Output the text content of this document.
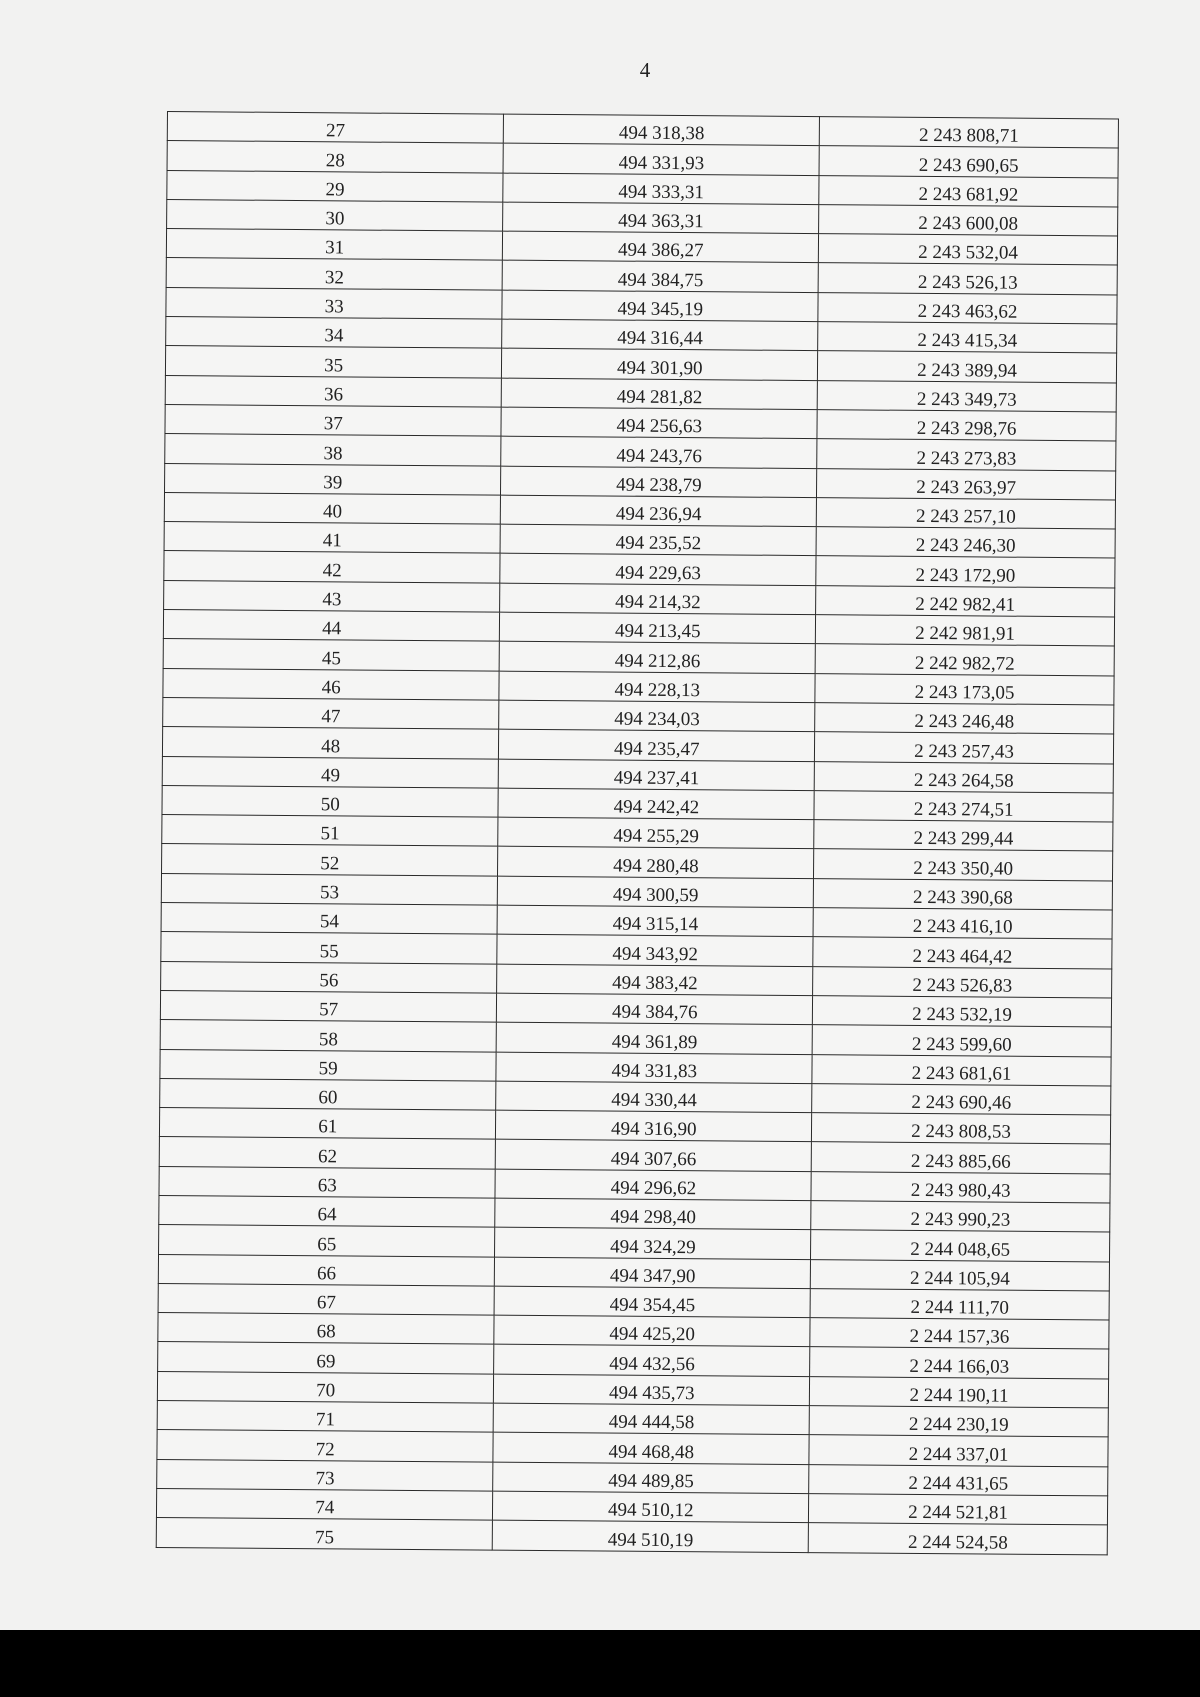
4
27	494 318,38	2 243 808,71
28	494 331,93	2 243 690,65
29	494 333,31	2 243 681,92
30	494 363,31	2 243 600,08
31	494 386,27	2 243 532,04
32	494 384,75	2 243 526,13
33	494 345,19	2 243 463,62
34	494 316,44	2 243 415,34
35	494 301,90	2 243 389,94
36	494 281,82	2 243 349,73
37	494 256,63	2 243 298,76
38	494 243,76	2 243 273,83
39	494 238,79	2 243 263,97
40	494 236,94	2 243 257,10
41	494 235,52	2 243 246,30
42	494 229,63	2 243 172,90
43	494 214,32	2 242 982,41
44	494 213,45	2 242 981,91
45	494 212,86	2 242 982,72
46	494 228,13	2 243 173,05
47	494 234,03	2 243 246,48
48	494 235,47	2 243 257,43
49	494 237,41	2 243 264,58
50	494 242,42	2 243 274,51
51	494 255,29	2 243 299,44
52	494 280,48	2 243 350,40
53	494 300,59	2 243 390,68
54	494 315,14	2 243 416,10
55	494 343,92	2 243 464,42
56	494 383,42	2 243 526,83
57	494 384,76	2 243 532,19
58	494 361,89	2 243 599,60
59	494 331,83	2 243 681,61
60	494 330,44	2 243 690,46
61	494 316,90	2 243 808,53
62	494 307,66	2 243 885,66
63	494 296,62	2 243 980,43
64	494 298,40	2 243 990,23
65	494 324,29	2 244 048,65
66	494 347,90	2 244 105,94
67	494 354,45	2 244 111,70
68	494 425,20	2 244 157,36
69	494 432,56	2 244 166,03
70	494 435,73	2 244 190,11
71	494 444,58	2 244 230,19
72	494 468,48	2 244 337,01
73	494 489,85	2 244 431,65
74	494 510,12	2 244 521,81
75	494 510,19	2 244 524,58
